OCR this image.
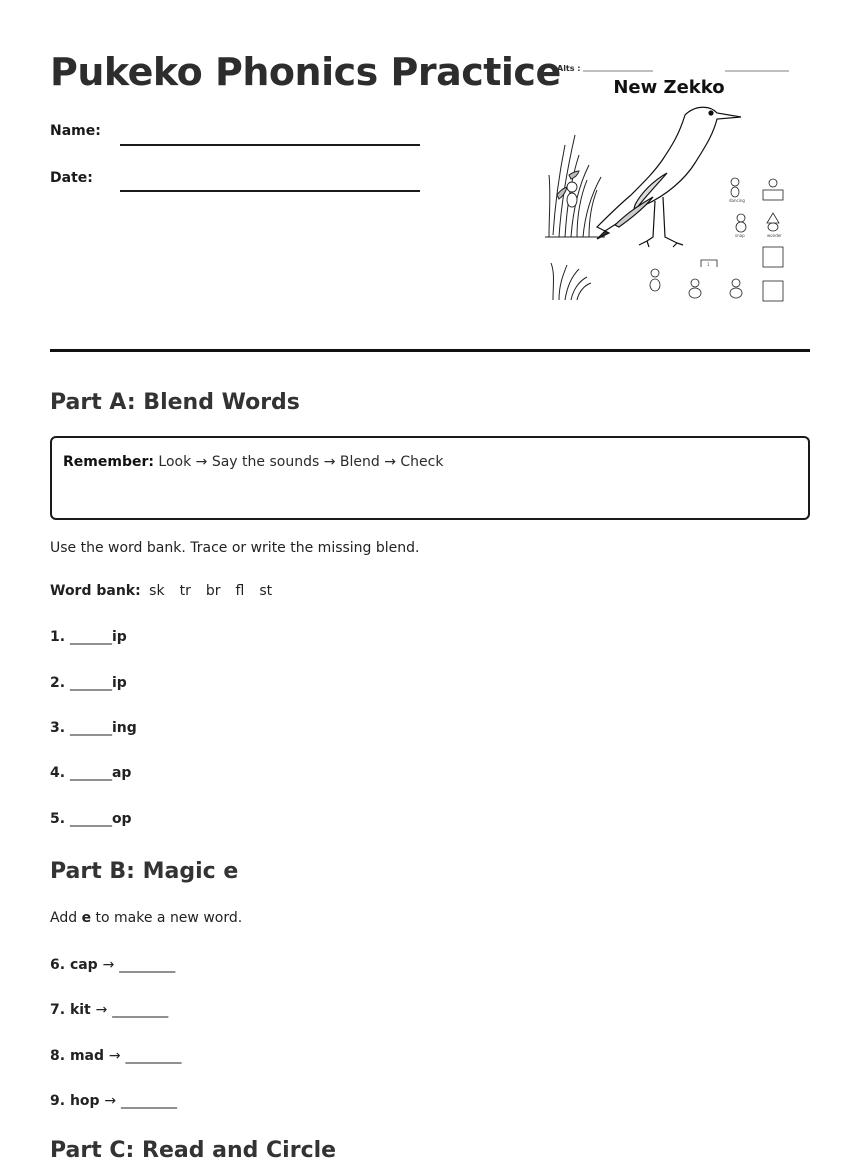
Pukeko Phonics Practice
Name:
Date:
dancing
snap	wonder
1
Alts :
New Zekko
Part A: Blend Words
Remember: Look → Say the sounds → Blend → Check
Use the word bank. Trace or write the missing blend.
Word bank: sk tr br fl st
1. ______ip
2. ______ip
3. ______ing
4. ______ap
5. ______op
Part B: Magic e
Add e to make a new word.
6. cap → ________
7. kit → ________
8. mad → ________
9. hop → ________
Part C: Read and Circle
